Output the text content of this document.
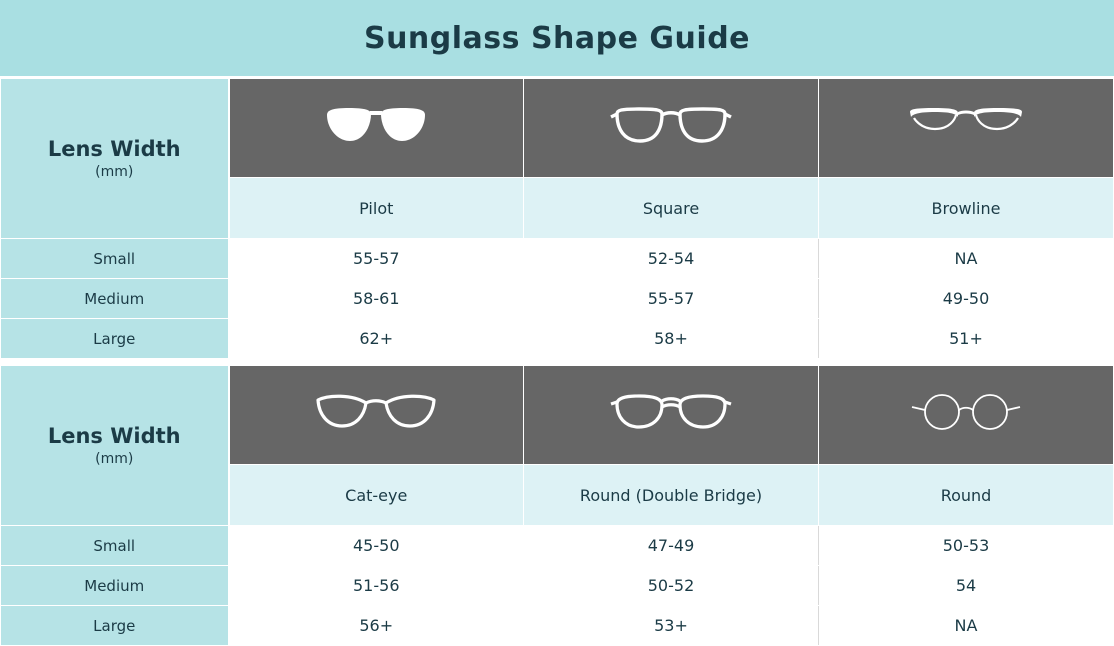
Sunglass Shape Guide
Lens Width
(mm)

	Pilot	Square	Browline
Small	55-57	52-54	NA
Medium	58-61	55-57	49-50
Large	62+	58+	51+

Lens Width
(mm)

	Cat-eye	Round (Double Bridge)	Round
Small	45-50	47-49	50-53
Medium	51-56	50-52	54
Large	56+	53+	NA
